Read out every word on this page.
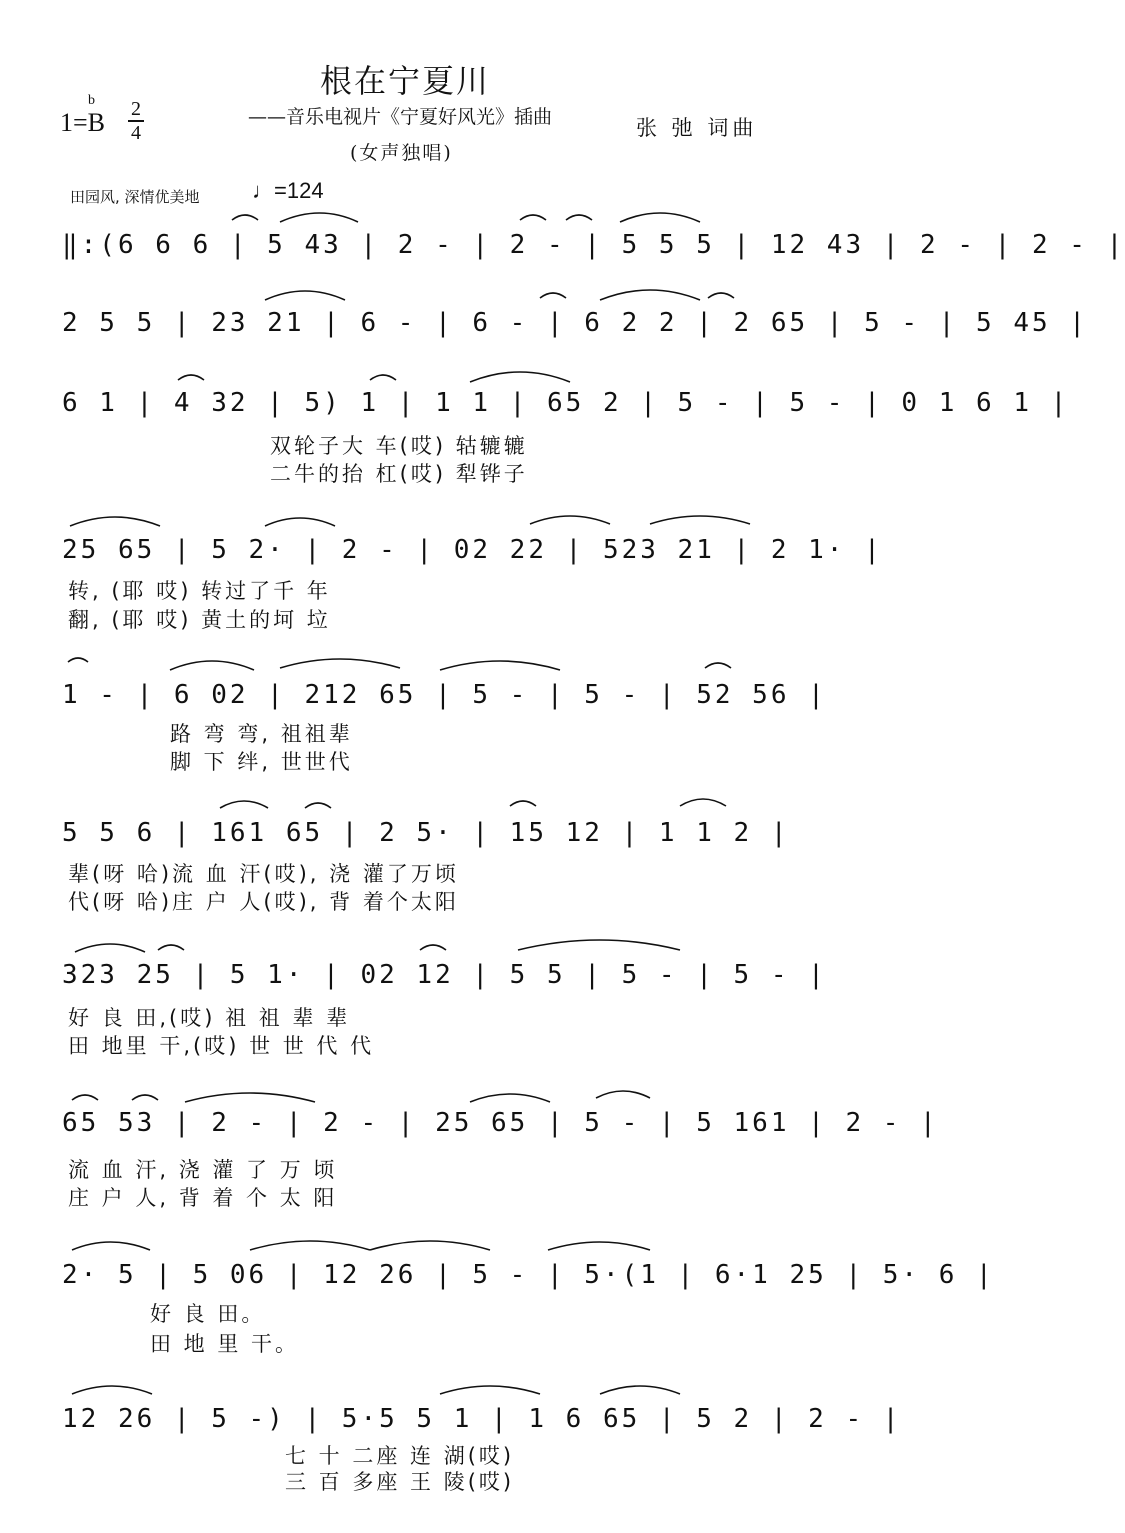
根在宁夏川
——音乐电视片《宁夏好风光》插曲
(女声独唱)
张 弛 词曲
1=B
b 2
4
田园风, 深情优美地 ♩=124
‖:(6 6 6 | 5 43 | 2 - | 2 - | 5 5 5 | 12 43 | 2 - | 2 - |
2 5 5 | 23 21 | 6 - | 6 - | 6 2 2 | 2 65 | 5 - | 5 45 |
6 1 | 4 32 | 5) 1 | 1 1 | 65 2 | 5 - | 5 - | 0 1 6 1 |
双轮子大 车(哎) 轱辘辘
二牛的抬 杠(哎) 犁铧子
25 65 | 5 2· | 2 - | 02 22 | 523 21 | 2 1· |
转, (耶 哎) 转过了千 年
翻, (耶 哎) 黄土的坷 垃
1 - | 6 02 | 212 65 | 5 - | 5 - | 52 56 |
路 弯 弯, 祖祖辈
脚 下 绊, 世世代
5 5 6 | 161 65 | 2 5· | 15 12 | 1 1 2 |
辈(呀 哈)流 血 汗(哎), 浇 灌了万顷
代(呀 哈)庄 户 人(哎), 背 着个太阳
323 25 | 5 1· | 02 12 | 5 5 | 5 - | 5 - |
好 良 田,(哎) 祖 祖 辈 辈
田 地里 干,(哎) 世 世 代 代
65 53 | 2 - | 2 - | 25 65 | 5 - | 5 161 | 2 - |
流 血 汗, 浇 灌 了 万 顷
庄 户 人, 背 着 个 太 阳
2· 5 | 5 06 | 12 26 | 5 - | 5·(1 | 6·1 25 | 5· 6 |
好 良 田。
田 地 里 干。
12 26 | 5 -) | 5·5 5 1 | 1 6 65 | 5 2 | 2 - |
七 十 二座 连 湖(哎)
三 百 多座 王 陵(哎)
